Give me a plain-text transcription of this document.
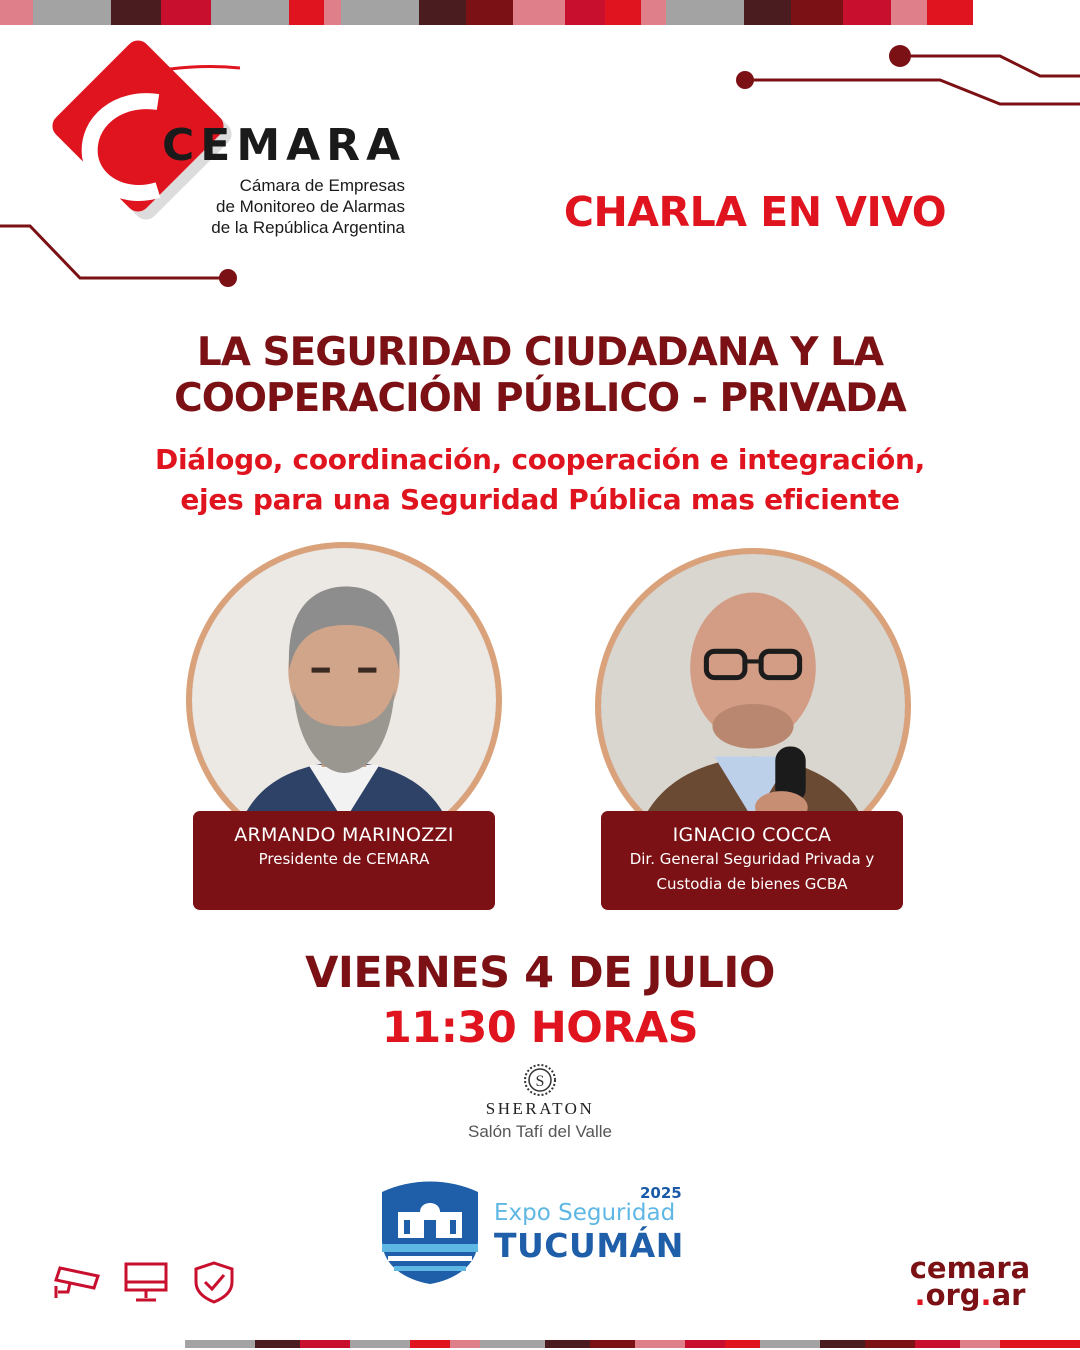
CEMARA
Cámara de Empresas
de Monitoreo de Alarmas
de la República Argentina	CHARLA EN VIVO
LA SEGURIDAD CIUDADANA Y LA
COOPERACIÓN PÚBLICO - PRIVADA
Diálogo, coordinación, cooperación e integración,
ejes para una Seguridad Pública mas eficiente
ARMANDO MARINOZZI
Presidente de CEMARA
IGNACIO COCCA
Dir. General Seguridad Privada y
Custodia de bienes GCBA
VIERNES 4 DE JULIO
11:30 HORAS
S
SHERATON
Salón Tafí del Valle
2025
Expo Seguridad
TUCUMÁN
cemara
.org.ar
